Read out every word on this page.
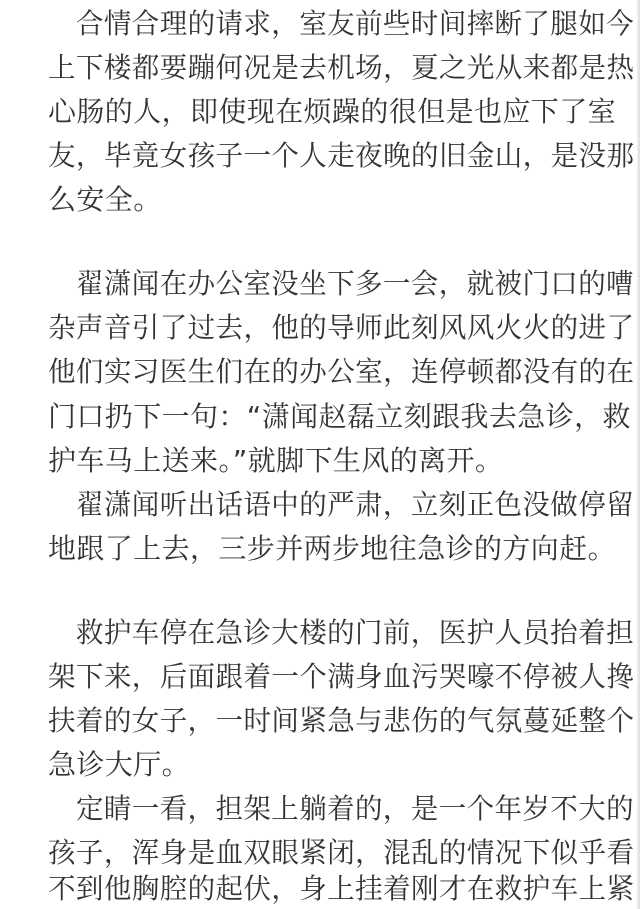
合情合理的请求，室友前些时间摔断了腿如今
上下楼都要蹦何况是去机场，夏之光从来都是热
心肠的人，即使现在烦躁的很但是也应下了室
友，毕竟女孩子一个人走夜晚的旧金山，是没那
么安全。
翟潇闻在办公室没坐下多一会，就被门口的嘈
杂声音引了过去，他的导师此刻风风火火的进了
他们实习医生们在的办公室，连停顿都没有的在
门口扔下一句：“潇闻赵磊立刻跟我去急诊，救
护车马上送来。”就脚下生风的离开。
翟潇闻听出话语中的严肃，立刻正色没做停留
地跟了上去，三步并两步地往急诊的方向赶。
救护车停在急诊大楼的门前，医护人员抬着担
架下来，后面跟着一个满身血污哭嚎不停被人搀
扶着的女子，一时间紧急与悲伤的气氛蔓延整个
急诊大厅。
定睛一看，担架上躺着的，是一个年岁不大的
孩子，浑身是血双眼紧闭，混乱的情况下似乎看
不到他胸腔的起伏，身上挂着刚才在救护车上紧
